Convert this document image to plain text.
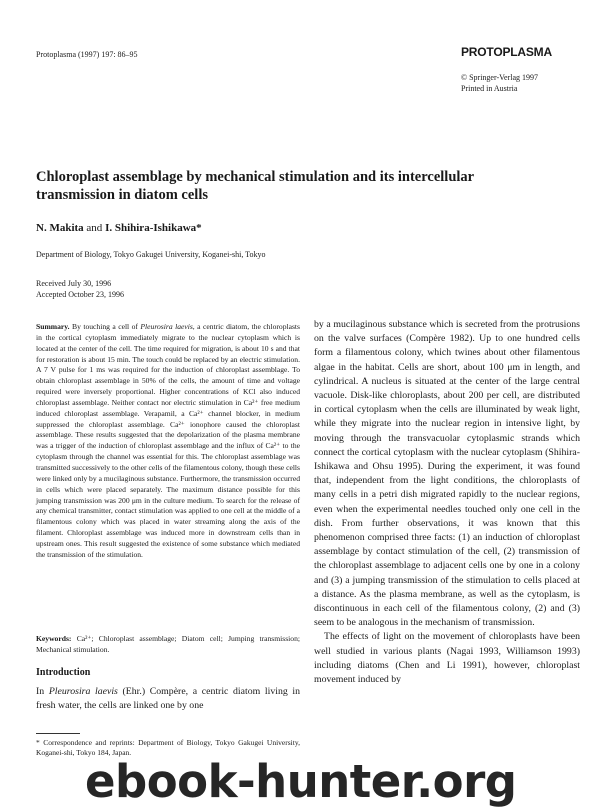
Protoplasma (1997) 197: 86–95	PROTOPLASMA
© Springer-Verlag 1997
Printed in Austria
Chloroplast assemblage by mechanical stimulation and its intercellular
transmission in diatom cells
N. Makita and I. Shihira-Ishikawa*
Department of Biology, Tokyo Gakugei University, Koganei-shi, Tokyo
Received July 30, 1996
Accepted October 23, 1996
Summary. By touching a cell of Pleurosira laevis, a centric diatom, the chloroplasts in the cortical cytoplasm immediately migrate to the nuclear cytoplasm which is located at the center of the cell. The time required for migration, is about 10 s and that for restoration is about 15 min. The touch could be replaced by an electric stimulation. A 7 V pulse for 1 ms was required for the induction of chloroplast assemblage. To obtain chloroplast assemblage in 50% of the cells, the amount of time and voltage required were inversely proportional. Higher concentrations of KCl also induced chloroplast assemblage. Neither contact nor electric stimulation in Ca²⁺ free medium induced chloroplast assemblage. Verapamil, a Ca²⁺ channel blocker, in medium suppressed the chloroplast assemblage. Ca²⁺ ionophore caused the chloroplast assemblage. These results suggested that the depolarization of the plasma membrane was a trigger of the induction of chloroplast assemblage and the influx of Ca²⁺ to the cytoplasm through the channel was essential for this. The chloroplast assemblage was transmitted successively to the other cells of the filamentous colony, though these cells were linked only by a mucilaginous substance. Furthermore, the transmission occurred in cells which were placed separately. The maximum distance possible for this jumping transmission was 200 μm in the culture medium. To search for the release of any chemical transmitter, contact stimulation was applied to one cell at the middle of a filamentous colony which was placed in water streaming along the axis of the filament. Chloroplast assemblage was induced more in downstream cells than in upstream ones. This result suggested the existence of some substance which mediated the transmission of the stimulation.
Keywords: Ca²⁺; Chloroplast assemblage; Diatom cell; Jumping transmission; Mechanical stimulation.
Introduction
In Pleurosira laevis (Ehr.) Compère, a centric diatom living in fresh water, the cells are linked one by one
* Correspondence and reprints: Department of Biology, Tokyo Gakugei University, Koganei-shi, Tokyo 184, Japan.
by a mucilaginous substance which is secreted from the protrusions on the valve surfaces (Compère 1982). Up to one hundred cells form a filamentous colony, which twines about other filamentous algae in the habitat. Cells are short, about 100 μm in length, and cylindrical. A nucleus is situated at the center of the large central vacuole. Disk-like chloroplasts, about 200 per cell, are distributed in cortical cytoplasm when the cells are illuminated by weak light, while they migrate into the nuclear region in intensive light, by moving through the transvacuolar cytoplasmic strands which connect the cortical cytoplasm with the nuclear cytoplasm (Shihira-Ishikawa and Ohsu 1995). During the experiment, it was found that, independent from the light conditions, the chloroplasts of many cells in a petri dish migrated rapidly to the nuclear regions, even when the experimental needles touched only one cell in the dish. From further observations, it was known that this phenomenon comprised three facts: (1) an induction of chloroplast assemblage by contact stimulation of the cell, (2) transmission of the chloroplast assemblage to adjacent cells one by one in a colony and (3) a jumping transmission of the stimulation to cells placed at a distance. As the plasma membrane, as well as the cytoplasm, is discontinuous in each cell of the filamentous colony, (2) and (3) seem to be analogous in the mechanism of transmission.
The effects of light on the movement of chloroplasts have been well studied in various plants (Nagai 1993, Williamson 1993) including diatoms (Chen and Li 1991), however, chloroplast movement induced by
ebook-hunter.org
